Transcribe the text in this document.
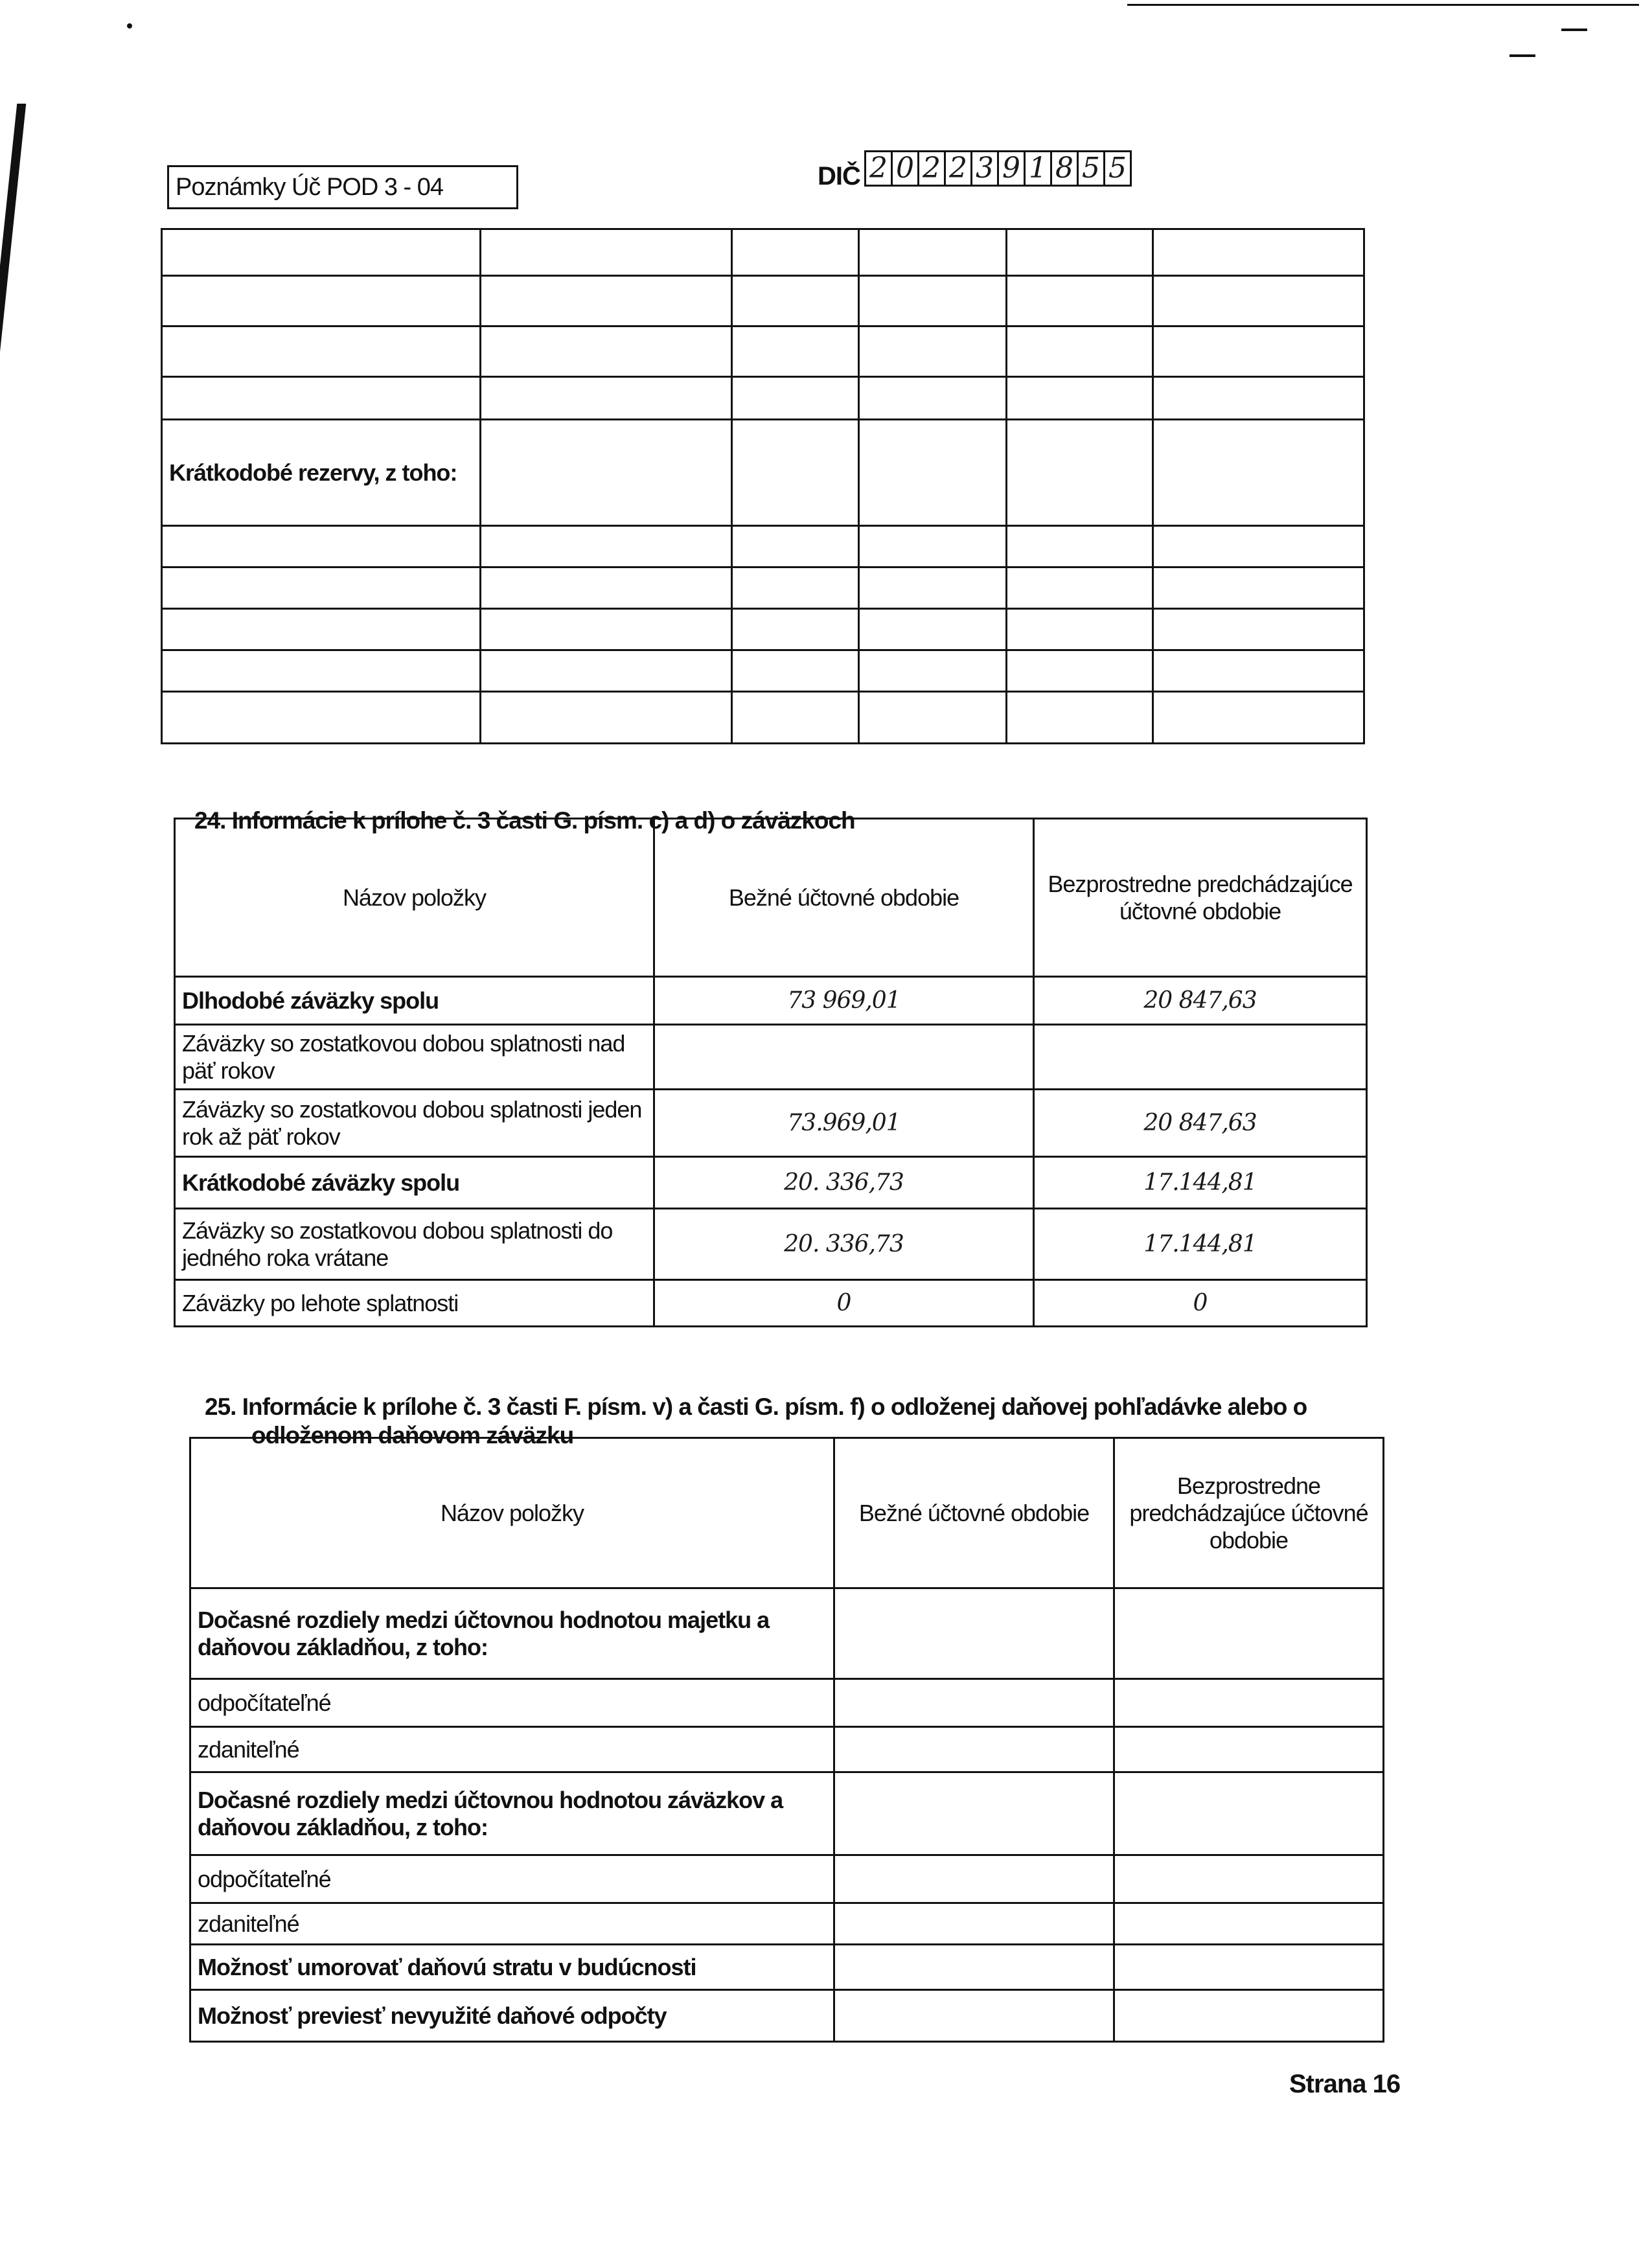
Poznámky Úč POD 3 - 04	DIČ 2 0 2 2 3 9 1 8 5 5

Krátkodobé rezervy, z toho:					

24. Informácie k prílohe č. 3 časti G. písm. c) a d) o záväzkoch
Názov položky	Bežné účtovné obdobie	Bezprostredne predchádzajúce účtovné obdobie
Dlhodobé záväzky spolu	73 969,01	20 847,63
Záväzky so zostatkovou dobou splatnosti nad päť rokov		
Záväzky so zostatkovou dobou splatnosti jeden rok až päť rokov	73.969,01	20 847,63
Krátkodobé záväzky spolu	20. 336,73	17.144,81
Záväzky so zostatkovou dobou splatnosti do jedného roka vrátane	20. 336,73	17.144,81
Záväzky po lehote splatnosti	0	0
25. Informácie k prílohe č. 3 časti F. písm. v) a časti G. písm. f) o odloženej daňovej pohľadávke alebo o
odloženom daňovom záväzku
Názov položky	Bežné účtovné obdobie	Bezprostredne predchádzajúce účtovné obdobie
Dočasné rozdiely medzi účtovnou hodnotou majetku a daňovou základňou, z toho:		
odpočítateľné		
zdaniteľné		
Dočasné rozdiely medzi účtovnou hodnotou záväzkov a daňovou základňou, z toho:		
odpočítateľné		
zdaniteľné		
Možnosť umorovať daňovú stratu v budúcnosti		
Možnosť previesť nevyužité daňové odpočty		
Strana 16
